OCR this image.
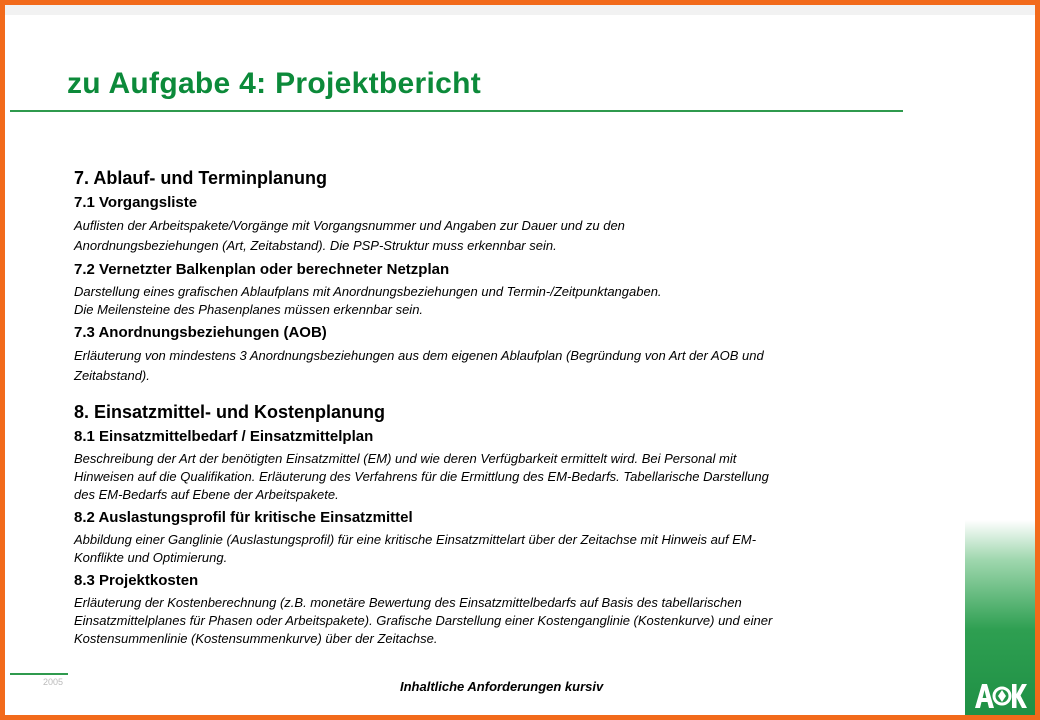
zu Aufgabe 4: Projektbericht
7. Ablauf- und Terminplanung
7.1 Vorgangsliste

Auflisten der Arbeitspakete/Vorgänge mit Vorgangsnummer und Angaben zur Dauer und zu den
Anordnungsbeziehungen (Art, Zeitabstand). Die PSP-Struktur muss erkennbar sein.

7.2 Vernetzter Balkenplan oder berechneter Netzplan

Darstellung eines grafischen Ablaufplans mit Anordnungsbeziehungen und Termin-/Zeitpunktangaben.
Die Meilensteine des Phasenplanes müssen erkennbar sein.

7.3 Anordnungsbeziehungen (AOB)

Erläuterung von mindestens 3 Anordnungsbeziehungen aus dem eigenen Ablaufplan (Begründung von Art der AOB und
Zeitabstand).

8. Einsatzmittel- und Kostenplanung
8.1 Einsatzmittelbedarf / Einsatzmittelplan

Beschreibung der Art der benötigten Einsatzmittel (EM) und wie deren Verfügbarkeit ermittelt wird. Bei Personal mit
Hinweisen auf die Qualifikation. Erläuterung des Verfahrens für die Ermittlung des EM-Bedarfs. Tabellarische Darstellung
des EM-Bedarfs auf Ebene der Arbeitspakete.

8.2 Auslastungsprofil für kritische Einsatzmittel

Abbildung einer Ganglinie (Auslastungsprofil) für eine kritische Einsatzmittelart über der Zeitachse mit Hinweis auf EM-
Konflikte und Optimierung.

8.3 Projektkosten

Erläuterung der Kostenberechnung (z.B. monetäre Bewertung des Einsatzmittelbedarfs auf Basis des tabellarischen
Einsatzmittelplanes für Phasen oder Arbeitspakete). Grafische Darstellung einer Kostenganglinie (Kostenkurve) und einer
Kostensummenlinie (Kostensummenkurve) über der Zeitachse.

2005	Inhaltliche Anforderungen kursiv
